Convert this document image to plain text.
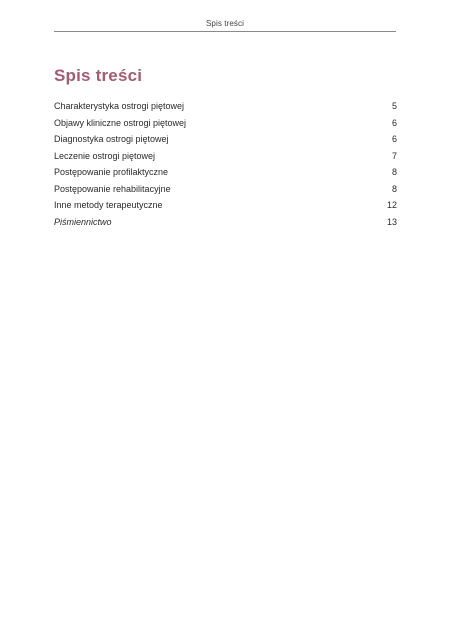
Spis treści
Spis treści
Charakterystyka ostrogi piętowej	5
Objawy kliniczne ostrogi piętowej	6
Diagnostyka ostrogi piętowej	6
Leczenie ostrogi piętowej	7
Postępowanie profilaktyczne	8
Postępowanie rehabilitacyjne	8
Inne metody terapeutyczne	12
Piśmiennictwo	13
